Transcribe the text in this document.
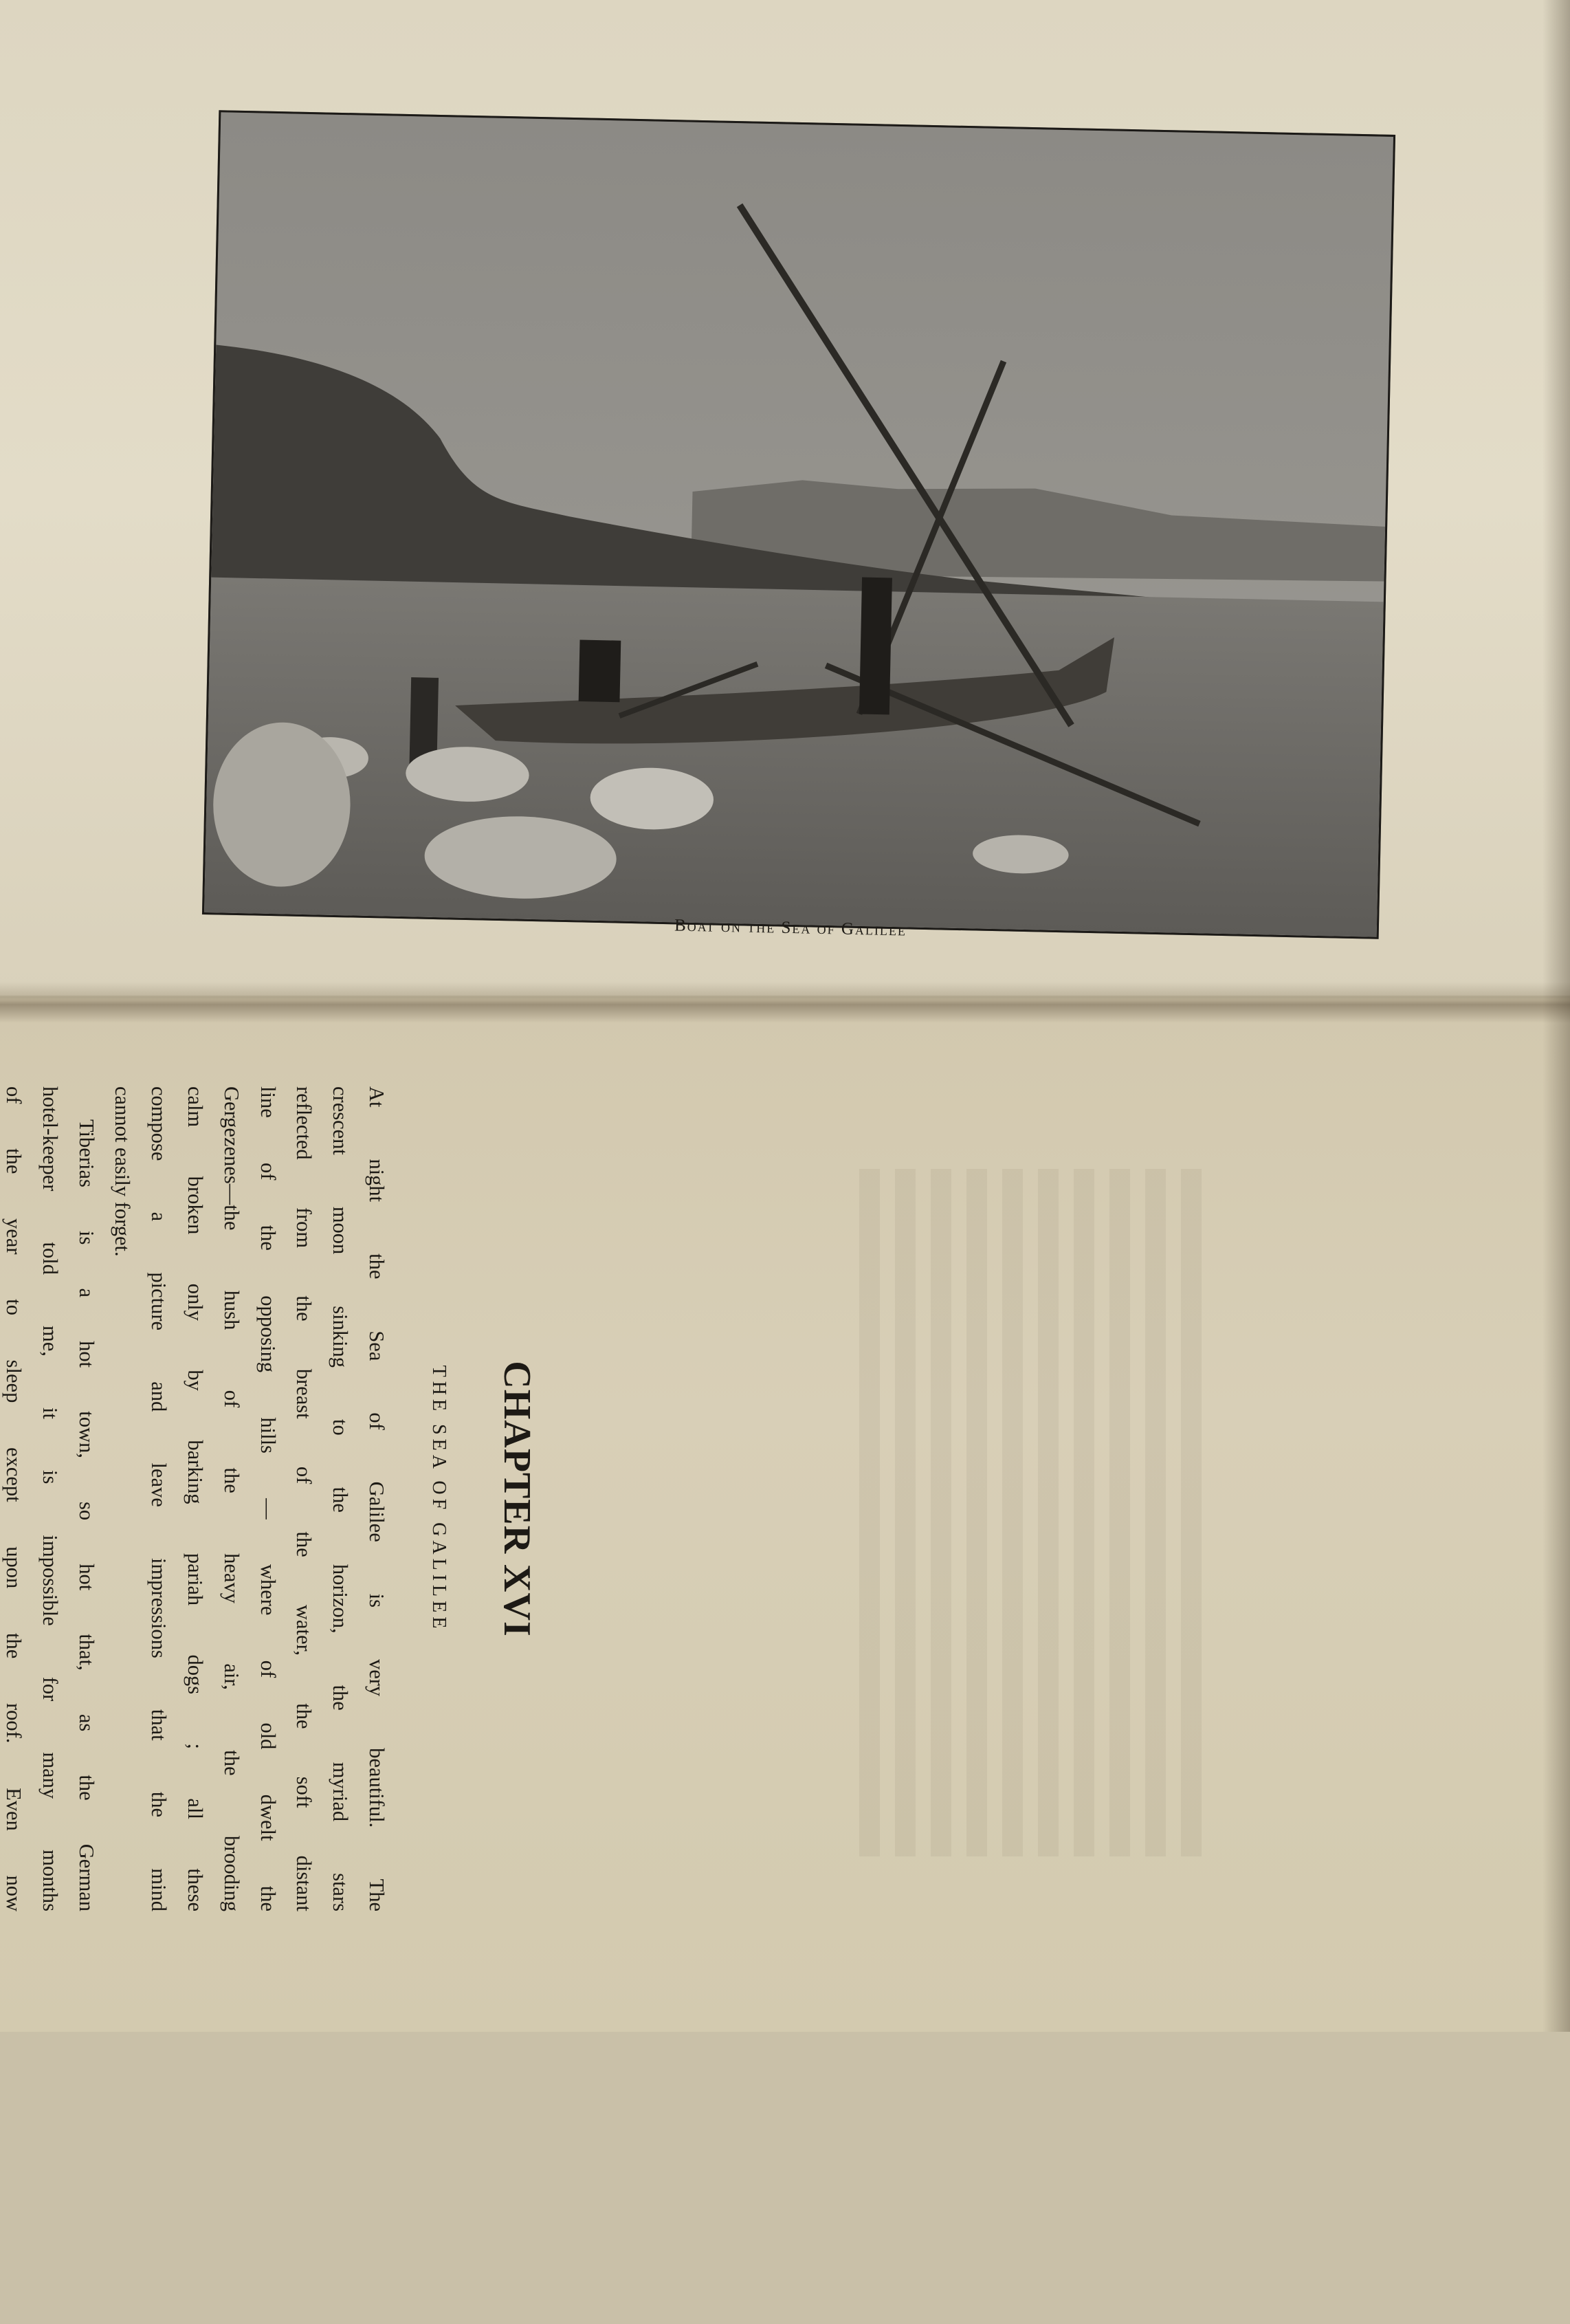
Boat on the Sea of Galilee
CHAPTER XVI
THE SEA OF GALILEE
At night the Sea of Galilee is very beautiful. The
crescent moon sinking to the horizon, the myriad stars
reflected from the breast of the water, the soft distant
line of the opposing hills — where of old dwelt the
Gergezenes—the hush of the heavy air, the brooding
calm broken only by barking pariah dogs ; all these
compose a picture and leave impressions that the mind
cannot easily forget.
Tiberias is a hot town, so hot that, as the German
hotel-keeper told me, it is impossible for many months
of the year to sleep except upon the roof. Even now
